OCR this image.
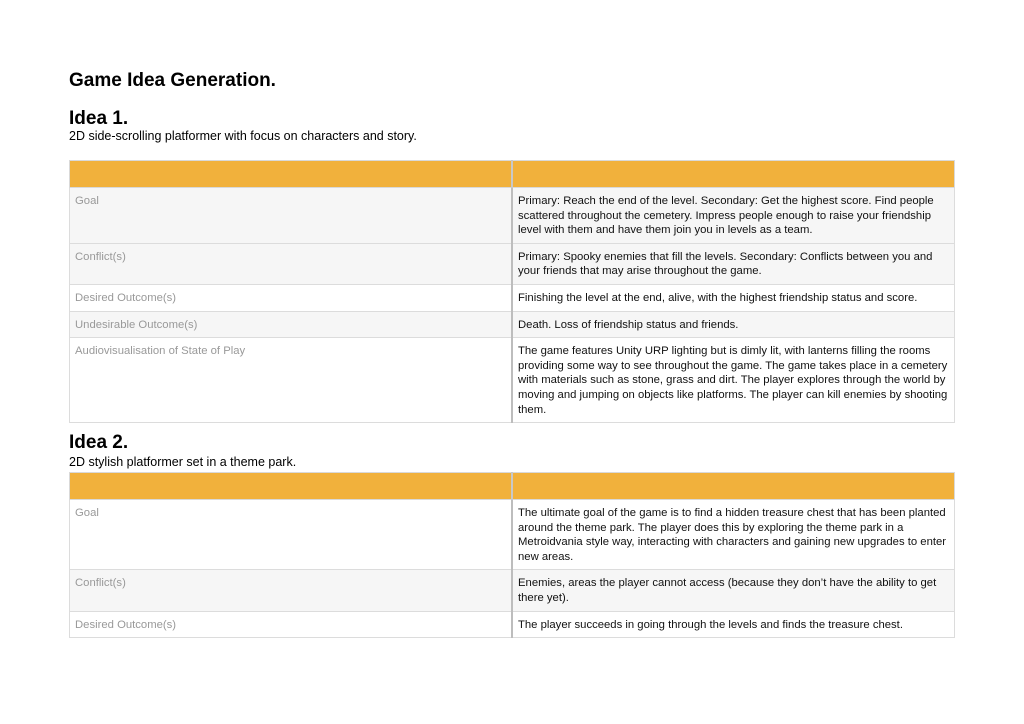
Game Idea Generation.
Idea 1.

2D side-scrolling platformer with focus on characters and story.

Goal	Primary: Reach the end of the level. Secondary: Get the highest score. Find people scattered throughout the cemetery. Impress people enough to raise your friendship level with them and have them join you in levels as a team.
Conflict(s)	Primary: Spooky enemies that fill the levels. Secondary: Conflicts between you and your friends that may arise throughout the game.
Desired Outcome(s)	Finishing the level at the end, alive, with the highest friendship status and score.
Undesirable Outcome(s)	Death. Loss of friendship status and friends.
Audiovisualisation of State of Play	The game features Unity URP lighting but is dimly lit, with lanterns filling the rooms providing some way to see throughout the game. The game takes place in a cemetery with materials such as stone, grass and dirt. The player explores through the world by moving and jumping on objects like platforms. The player can kill enemies by shooting them.
Idea 2.

2D stylish platformer set in a theme park.

Goal	The ultimate goal of the game is to find a hidden treasure chest that has been planted around the theme park. The player does this by exploring the theme park in a Metroidvania style way, interacting with characters and gaining new upgrades to enter new areas.
Conflict(s)	Enemies, areas the player cannot access (because they don’t have the ability to get there yet).
Desired Outcome(s)	The player succeeds in going through the levels and finds the treasure chest.
